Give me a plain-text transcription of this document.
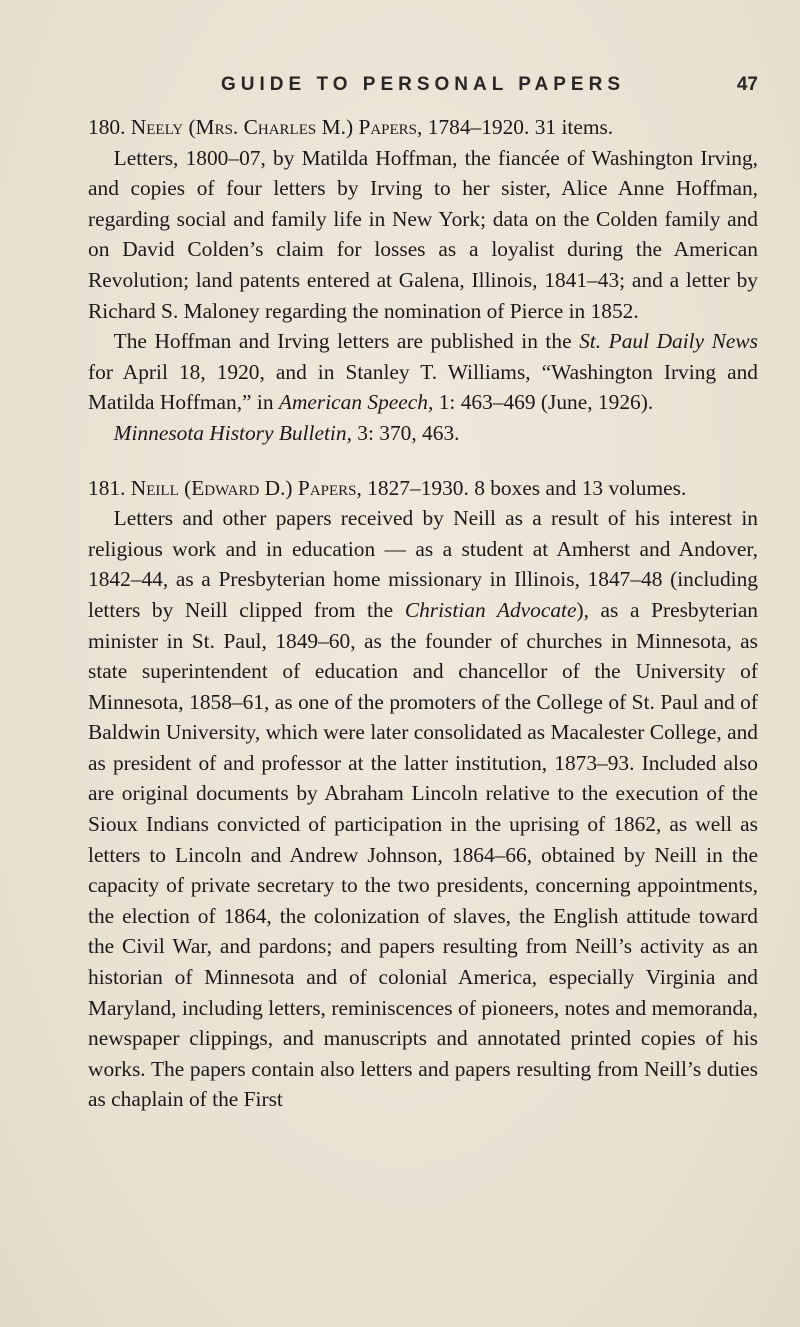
GUIDE TO PERSONAL PAPERS	47

180. Neely (Mrs. Charles M.) Papers, 1784–1920. 31 items.

Letters, 1800–07, by Matilda Hoffman, the fiancée of Washington Irving, and copies of four letters by Irving to her sister, Alice Anne Hoffman, regarding social and family life in New York; data on the Colden family and on David Colden’s claim for losses as a loyalist during the American Revolution; land patents entered at Galena, Illinois, 1841–43; and a letter by Richard S. Maloney regarding the nomination of Pierce in 1852.

The Hoffman and Irving letters are published in the St. Paul Daily News for April 18, 1920, and in Stanley T. Williams, “Washington Irving and Matilda Hoffman,” in American Speech, 1: 463–469 (June, 1926).

Minnesota History Bulletin, 3: 370, 463.

181. Neill (Edward D.) Papers, 1827–1930. 8 boxes and 13 volumes.

Letters and other papers received by Neill as a result of his interest in religious work and in education — as a student at Amherst and Andover, 1842–44, as a Presbyterian home missionary in Illinois, 1847–48 (including letters by Neill clipped from the Christian Advocate), as a Presbyterian minister in St. Paul, 1849–60, as the founder of churches in Minnesota, as state superintendent of education and chancellor of the University of Minnesota, 1858–61, as one of the promoters of the College of St. Paul and of Baldwin University, which were later consolidated as Macalester College, and as president of and professor at the latter institution, 1873–93. Included also are original documents by Abraham Lincoln relative to the execution of the Sioux Indians convicted of participation in the uprising of 1862, as well as letters to Lincoln and Andrew Johnson, 1864–66, obtained by Neill in the capacity of private secretary to the two presidents, concerning appointments, the election of 1864, the colonization of slaves, the English attitude toward the Civil War, and pardons; and papers resulting from Neill’s activity as an historian of Minnesota and of colonial America, especially Virginia and Maryland, including letters, reminiscences of pioneers, notes and memoranda, newspaper clippings, and manuscripts and annotated printed copies of his works. The papers contain also letters and papers resulting from Neill’s duties as chaplain of the First
